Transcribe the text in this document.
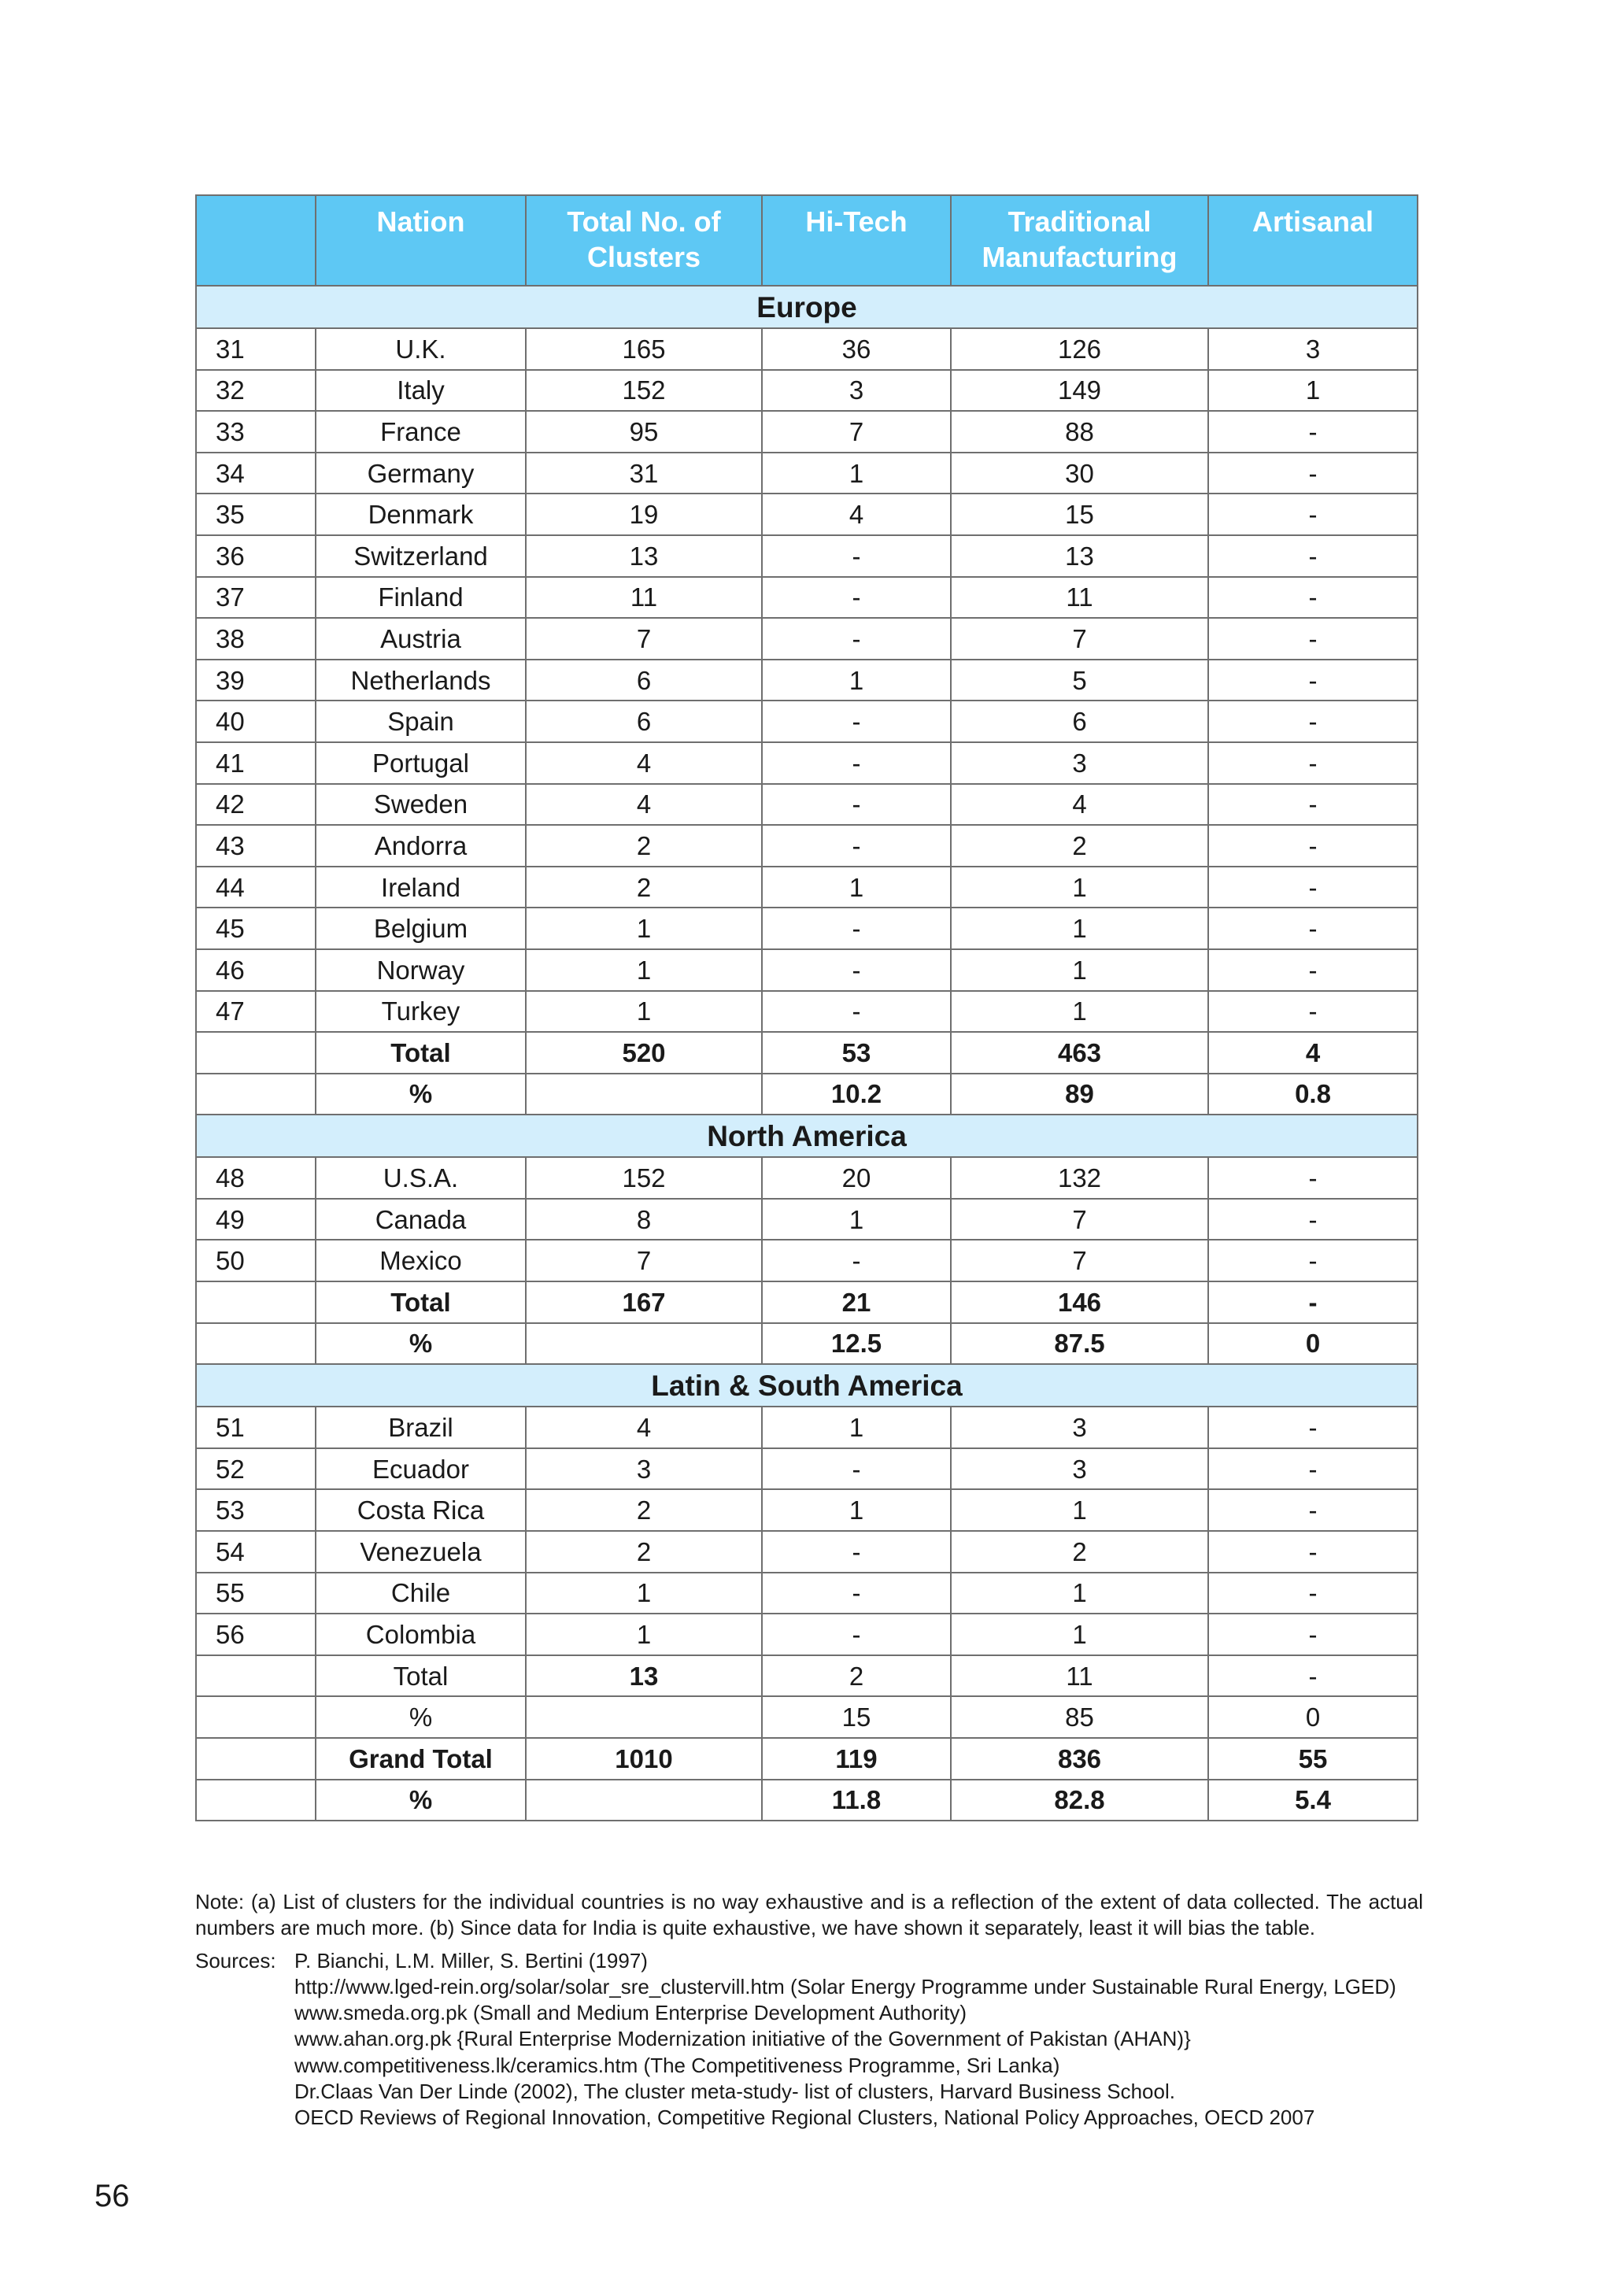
	Nation	Total No. of Clusters	Hi-Tech	Traditional Manufacturing	Artisanal
Europe					
31	U.K.	165	36	126	3
32	Italy	152	3	149	1
33	France	95	7	88	-
34	Germany	31	1	30	-
35	Denmark	19	4	15	-
36	Switzerland	13	-	13	-
37	Finland	11	-	11	-
38	Austria	7	-	7	-
39	Netherlands	6	1	5	-
40	Spain	6	-	6	-
41	Portugal	4	-	3	-
42	Sweden	4	-	4	-
43	Andorra	2	-	2	-
44	Ireland	2	1	1	-
45	Belgium	1	-	1	-
46	Norway	1	-	1	-
47	Turkey	1	-	1	-
	Total	520	53	463	4
	%		10.2	89	0.8
North America					
48	U.S.A.	152	20	132	-
49	Canada	8	1	7	-
50	Mexico	7	-	7	-
	Total	167	21	146	-
	%		12.5	87.5	0
Latin & South America					
51	Brazil	4	1	3	-
52	Ecuador	3	-	3	-
53	Costa Rica	2	1	1	-
54	Venezuela	2	-	2	-
55	Chile	1	-	1	-
56	Colombia	1	-	1	-
	Total	13	2	11	-
	%		15	85	0
	Grand Total	1010	119	836	55
	%		11.8	82.8	5.4
Note: (a) List of clusters for the individual countries is no way exhaustive and is a reflection of the extent of data collected. The actual numbers are much more. (b) Since data for India is quite exhaustive, we have shown it separately, least it will bias the table.
Sources: P. Bianchi, L.M. Miller, S. Bertini (1997)
http://www.lged-rein.org/solar/solar_sre_clustervill.htm (Solar Energy Programme under Sustainable Rural Energy, LGED)
www.smeda.org.pk (Small and Medium Enterprise Development Authority)
www.ahan.org.pk {Rural Enterprise Modernization initiative of the Government of Pakistan (AHAN)}
www.competitiveness.lk/ceramics.htm (The Competitiveness Programme, Sri Lanka)
Dr.Claas Van Der Linde (2002), The cluster meta-study- list of clusters, Harvard Business School.
OECD Reviews of Regional Innovation, Competitive Regional Clusters, National Policy Approaches, OECD 2007
56
